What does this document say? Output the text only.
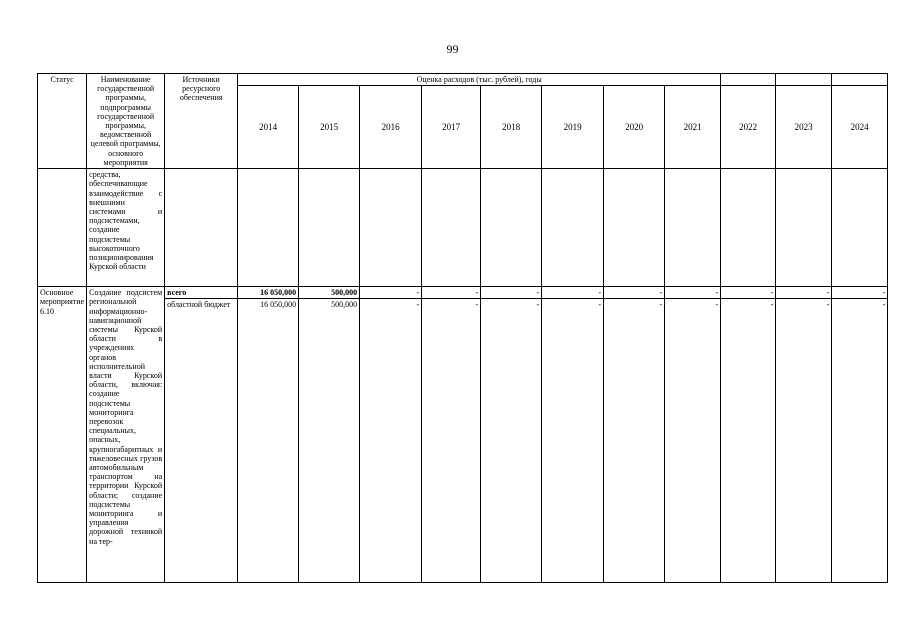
99
Статус	Наименование государственной программы, подпрограммы государственной программы, ведомственной целевой программы, основного мероприятия	Источники ресурсного обеспечения	Оценка расходов (тыс. рублей), годы										
			2014	2015	2016	2017	2018	2019	2020	2021	2022	2023	2024
	средства, обеспечивающие взаимодействие с внешними системами и подсистемами, создание подсистемы высокоточного позиционирования Курской области												
Основное мероприятие 6.10	Создание подсистем региональной информационно-навигационной системы Курской области в учреждениях органов исполнительной власти Курской области, включая: создание подсистемы мониторинга перевозок специальных, опасных, крупногабаритных и тяжеловесных грузов автомобильным транспортом на территории Курской области; создание подсистемы мониторинга и управления дорожной техникой на тер-	всего	16 050,000	500,000	-	-	-	-	-	-	-	-	-
		областной бюджет	16 050,000	500,000	-	-	-	-	-	-	-	-	-
